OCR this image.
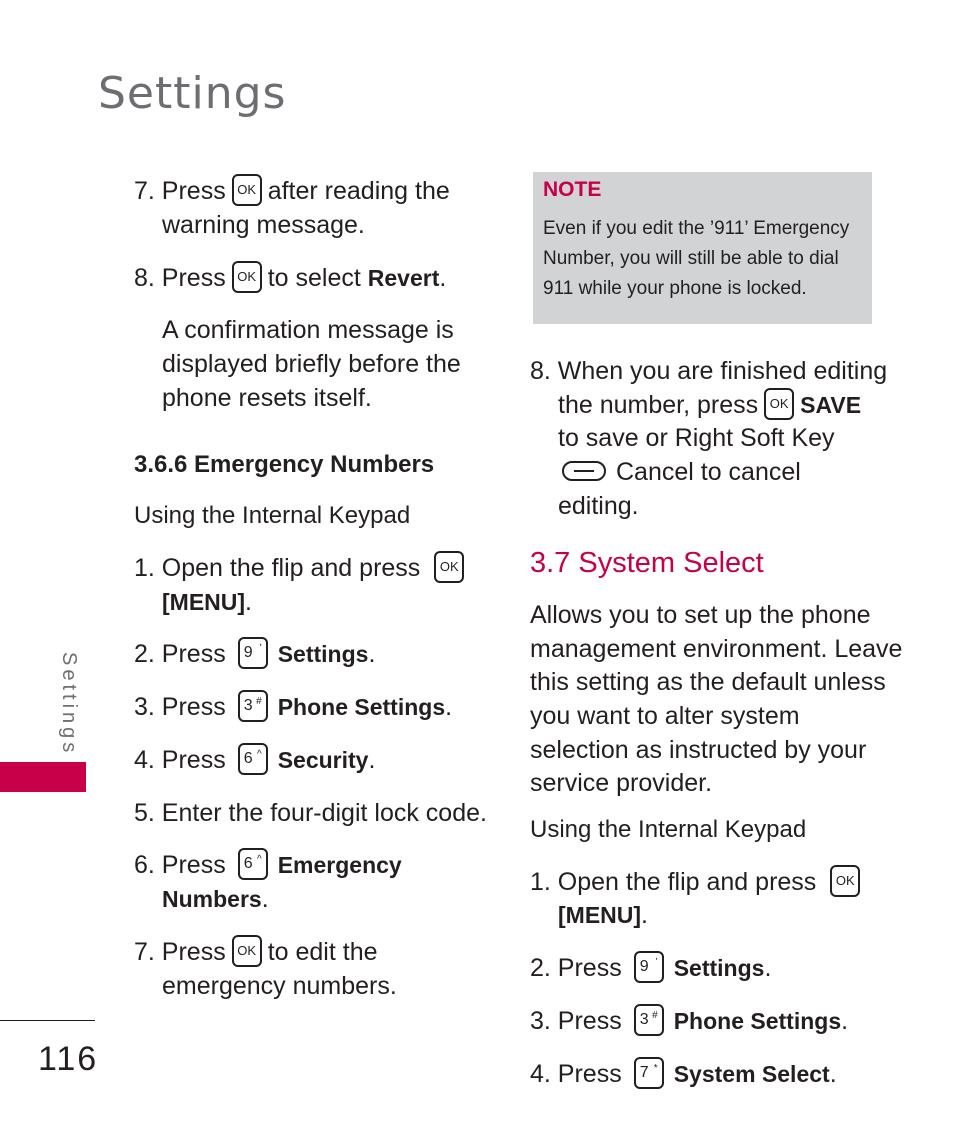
Settings
Settings
116
7. Press OK after reading the
warning message.
8. Press OK to select Revert.
A confirmation message is
displayed briefly before the
phone resets itself.
3.6.6 Emergency Numbers
Using the Internal Keypad
1. Open the flip and press OK
[MENU].
2. Press 9 ʹ Settings.
3. Press 3 # Phone Settings.
4. Press 6 ^ Security.
5. Enter the four-digit lock code.
6. Press 6 ^ Emergency
Numbers.
7. Press OK to edit the
emergency numbers.
NOTE
Even if you edit the ’911’ Emergency
Number, you will still be able to dial
911 while your phone is locked.
8. When you are finished editing
the number, press OK SAVE
to save or Right Soft Key
Cancel to cancel
editing.
Allows you to set up the phone
management environment. Leave
this setting as the default unless
you want to alter system
selection as instructed by your
service provider.
Using the Internal Keypad
1. Open the flip and press OK
[MENU].
2. Press 9 ʹ Settings.
3. Press 3 # Phone Settings.
4. Press 7 * System Select.
3.7 System Select
